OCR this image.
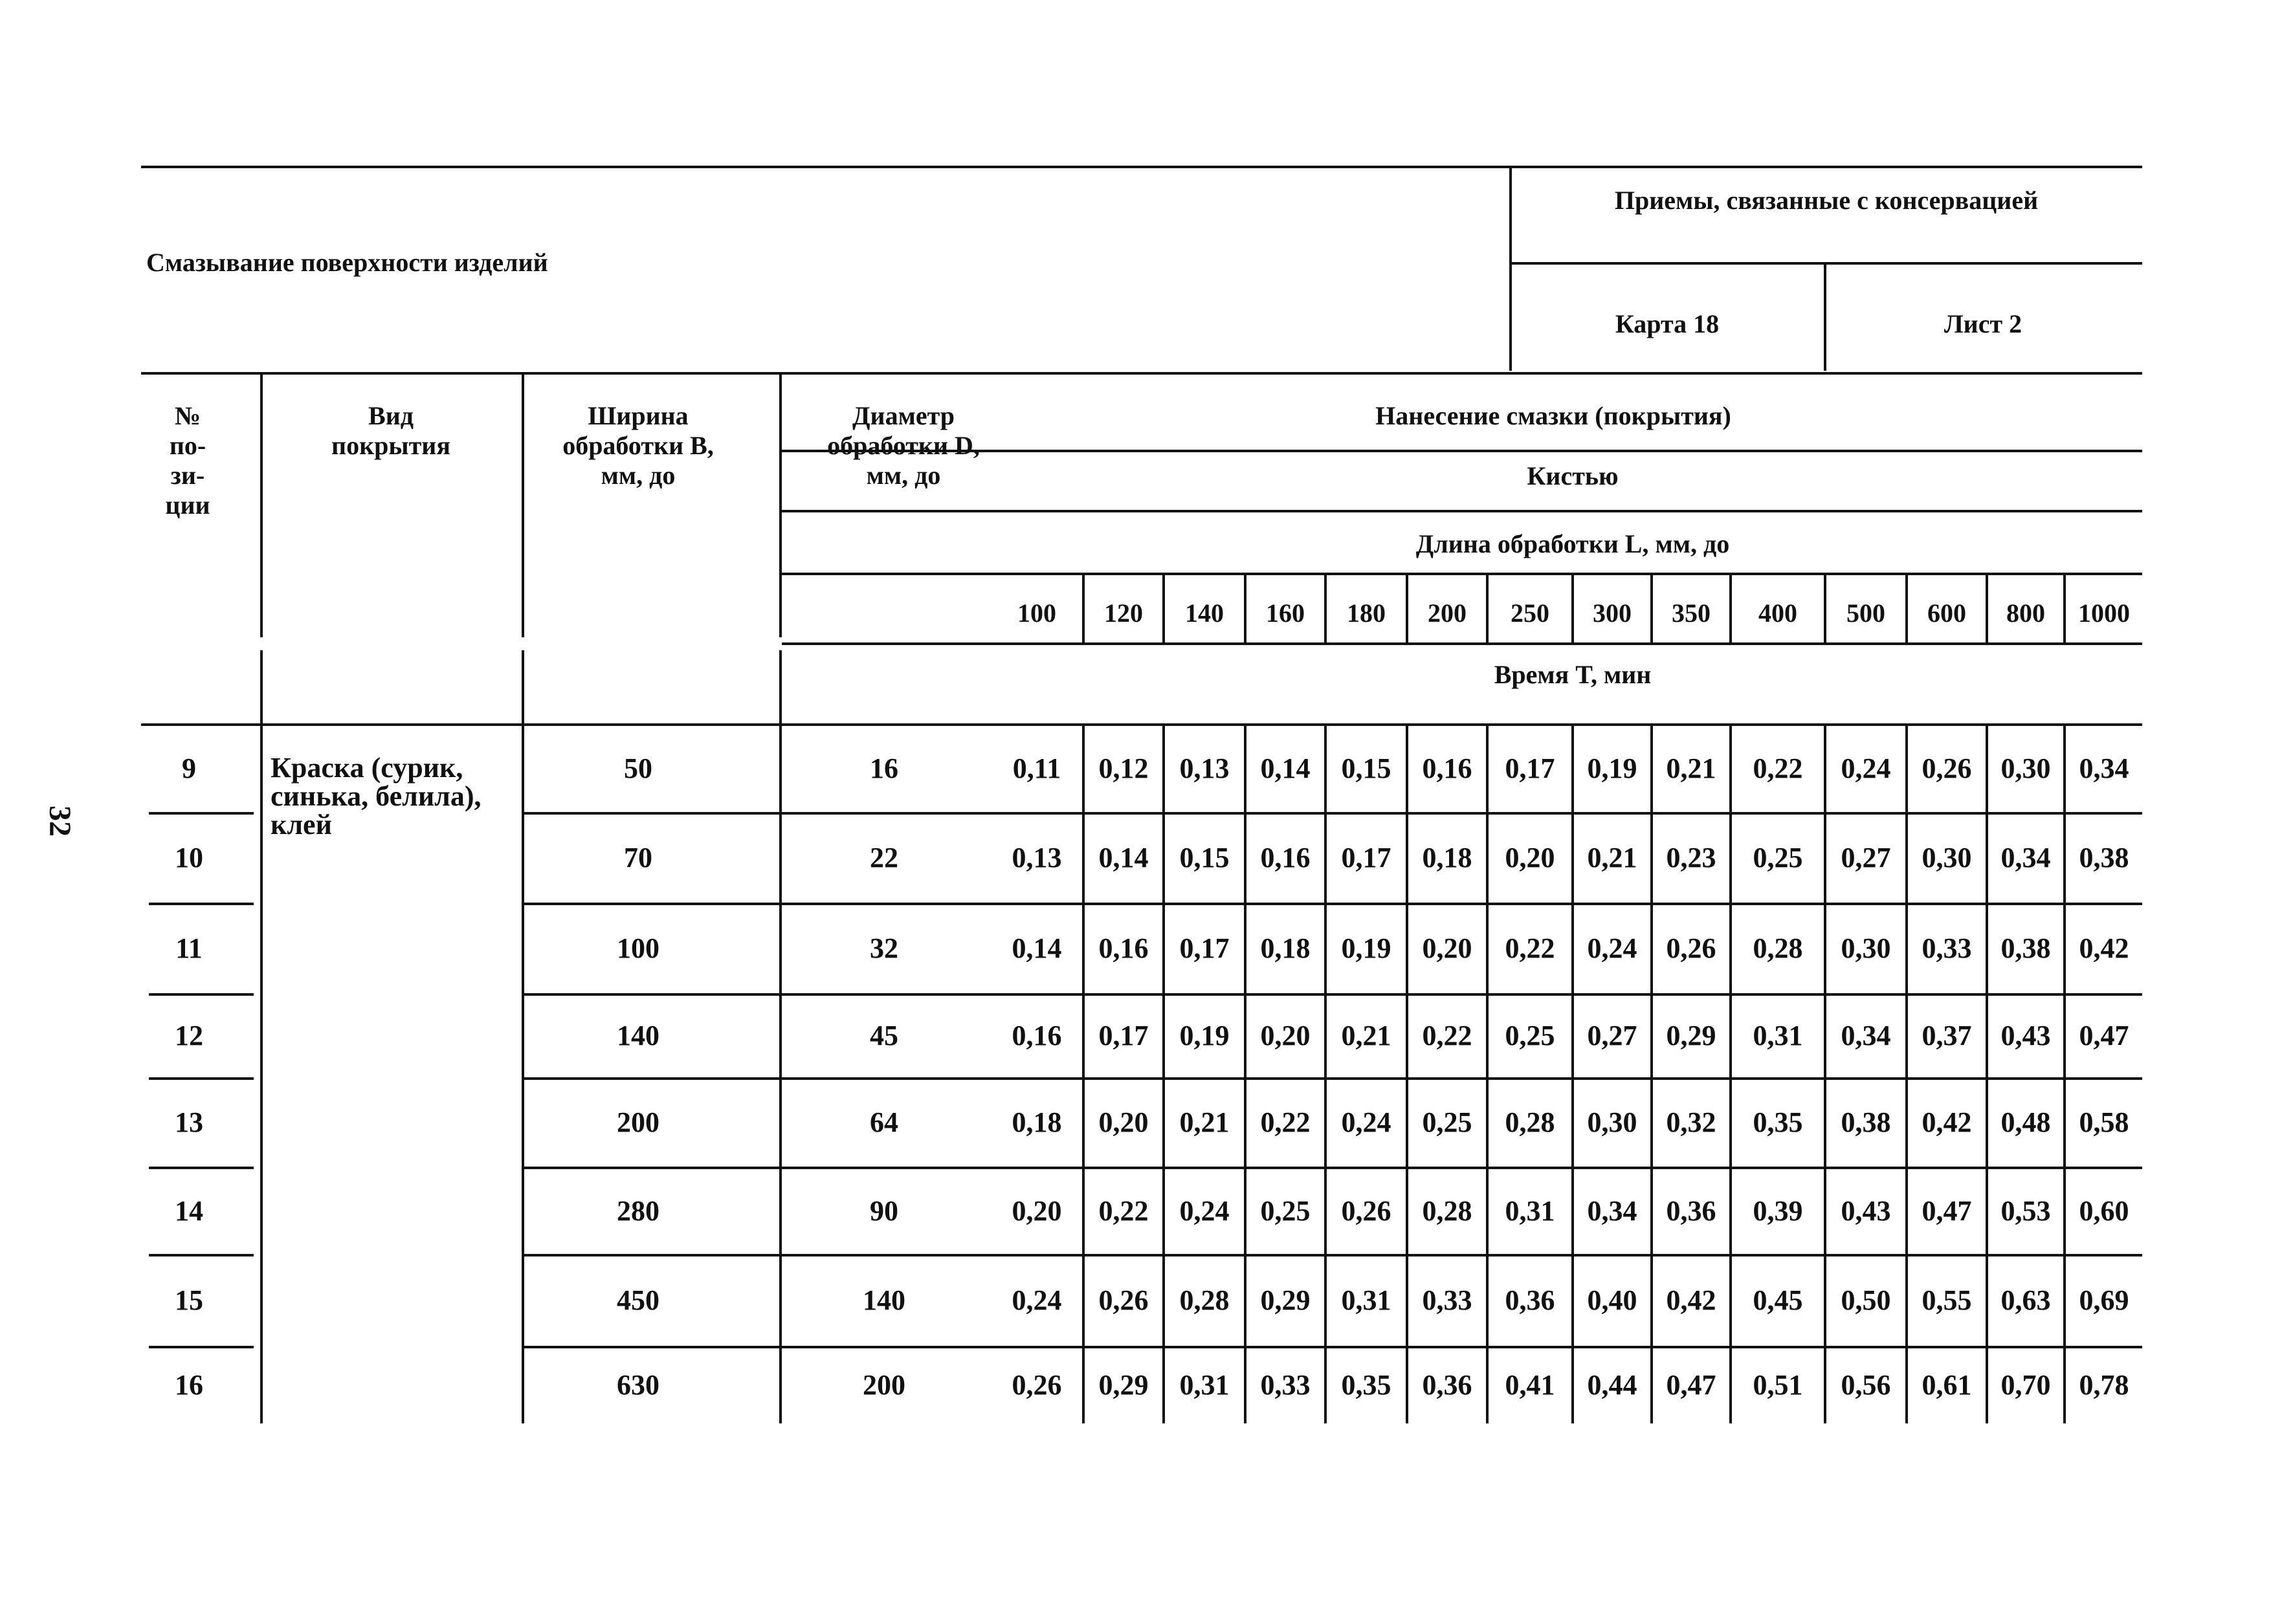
Смазывание поверхности изделий
Приемы, связанные с консервацией
Карта 18	Лист 2
32
№
по-
зи-
ции
Вид
покрытия
Ширина
обработки B,
мм, до
Диаметр
обработки D,
мм, до
Нанесение смазки (покрытия)
Кистью
Длина обработки L, мм, до
Время T, мин
100 120 140 160 180 200 250 300 350 400 500 600 800 1000
Краска (сурик,
синька, белила),
клей
9	50	16	0,11 0,12 0,13 0,14 0,15 0,16 0,17 0,19 0,21 0,22 0,24 0,26 0,30 0,34
10	70	22	0,13 0,14 0,15 0,16 0,17 0,18 0,20 0,21 0,23 0,25 0,27 0,30 0,34 0,38
11	100	32	0,14 0,16 0,17 0,18 0,19 0,20 0,22 0,24 0,26 0,28 0,30 0,33 0,38 0,42
12	140	45	0,16 0,17 0,19 0,20 0,21 0,22 0,25 0,27 0,29 0,31 0,34 0,37 0,43 0,47
13	200	64	0,18 0,20 0,21 0,22 0,24 0,25 0,28 0,30 0,32 0,35 0,38 0,42 0,48 0,58
14	280	90	0,20 0,22 0,24 0,25 0,26 0,28 0,31 0,34 0,36 0,39 0,43 0,47 0,53 0,60
15	450	140	0,24 0,26 0,28 0,29 0,31 0,33 0,36 0,40 0,42 0,45 0,50 0,55 0,63 0,69
16	630	200	0,26 0,29 0,31 0,33 0,35 0,36 0,41 0,44 0,47 0,51 0,56 0,61 0,70 0,78
